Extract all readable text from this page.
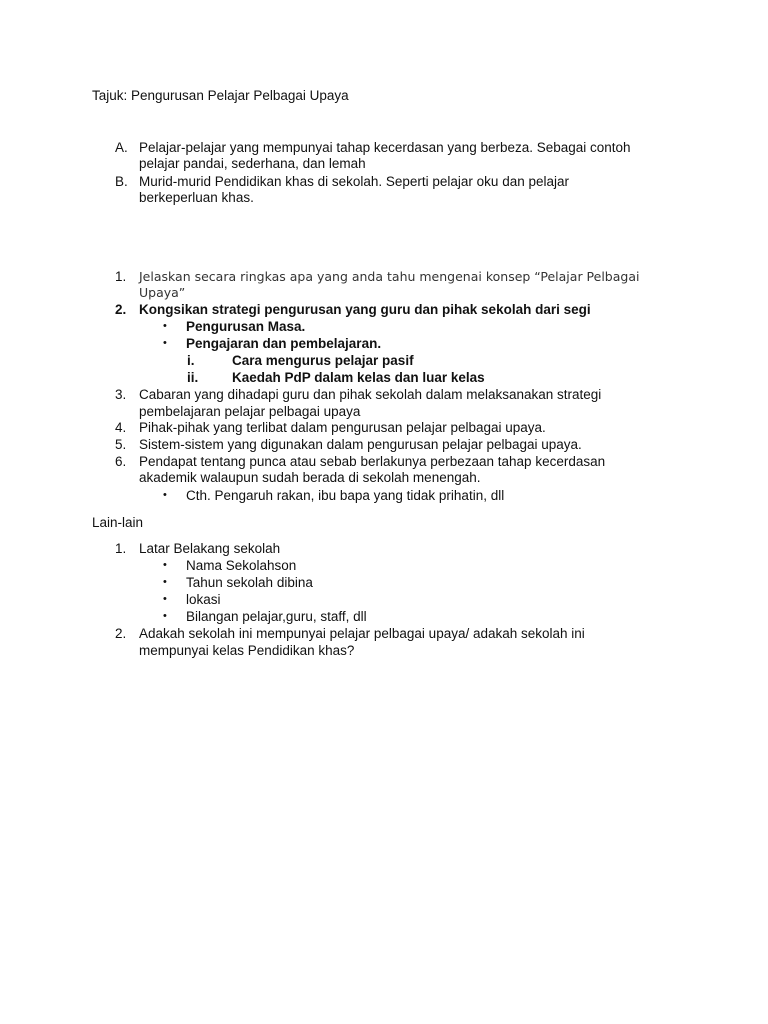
Tajuk: Pengurusan Pelajar Pelbagai Upaya
A. Pelajar-pelajar yang mempunyai tahap kecerdasan yang berbeza. Sebagai contoh
pelajar pandai, sederhana, dan lemah
B. Murid-murid Pendidikan khas di sekolah. Seperti pelajar oku dan pelajar
berkeperluan khas.
1. Jelaskan secara ringkas apa yang anda tahu mengenai konsep “Pelajar Pelbagai
Upaya”
2. Kongsikan strategi pengurusan yang guru dan pihak sekolah dari segi
• Pengurusan Masa.
• Pengajaran dan pembelajaran.
i.	Cara mengurus pelajar pasif
ii. Kaedah PdP dalam kelas dan luar kelas
3. Cabaran yang dihadapi guru dan pihak sekolah dalam melaksanakan strategi
pembelajaran pelajar pelbagai upaya
4. Pihak-pihak yang terlibat dalam pengurusan pelajar pelbagai upaya.
5. Sistem-sistem yang digunakan dalam pengurusan pelajar pelbagai upaya.
6. Pendapat tentang punca atau sebab berlakunya perbezaan tahap kecerdasan
akademik walaupun sudah berada di sekolah menengah.
• Cth. Pengaruh rakan, ibu bapa yang tidak prihatin, dll
Lain-lain
1. Latar Belakang sekolah
• Nama Sekolahson
• Tahun sekolah dibina
• lokasi
• Bilangan pelajar,guru, staff, dll
2. Adakah sekolah ini mempunyai pelajar pelbagai upaya/ adakah sekolah ini
mempunyai kelas Pendidikan khas?
